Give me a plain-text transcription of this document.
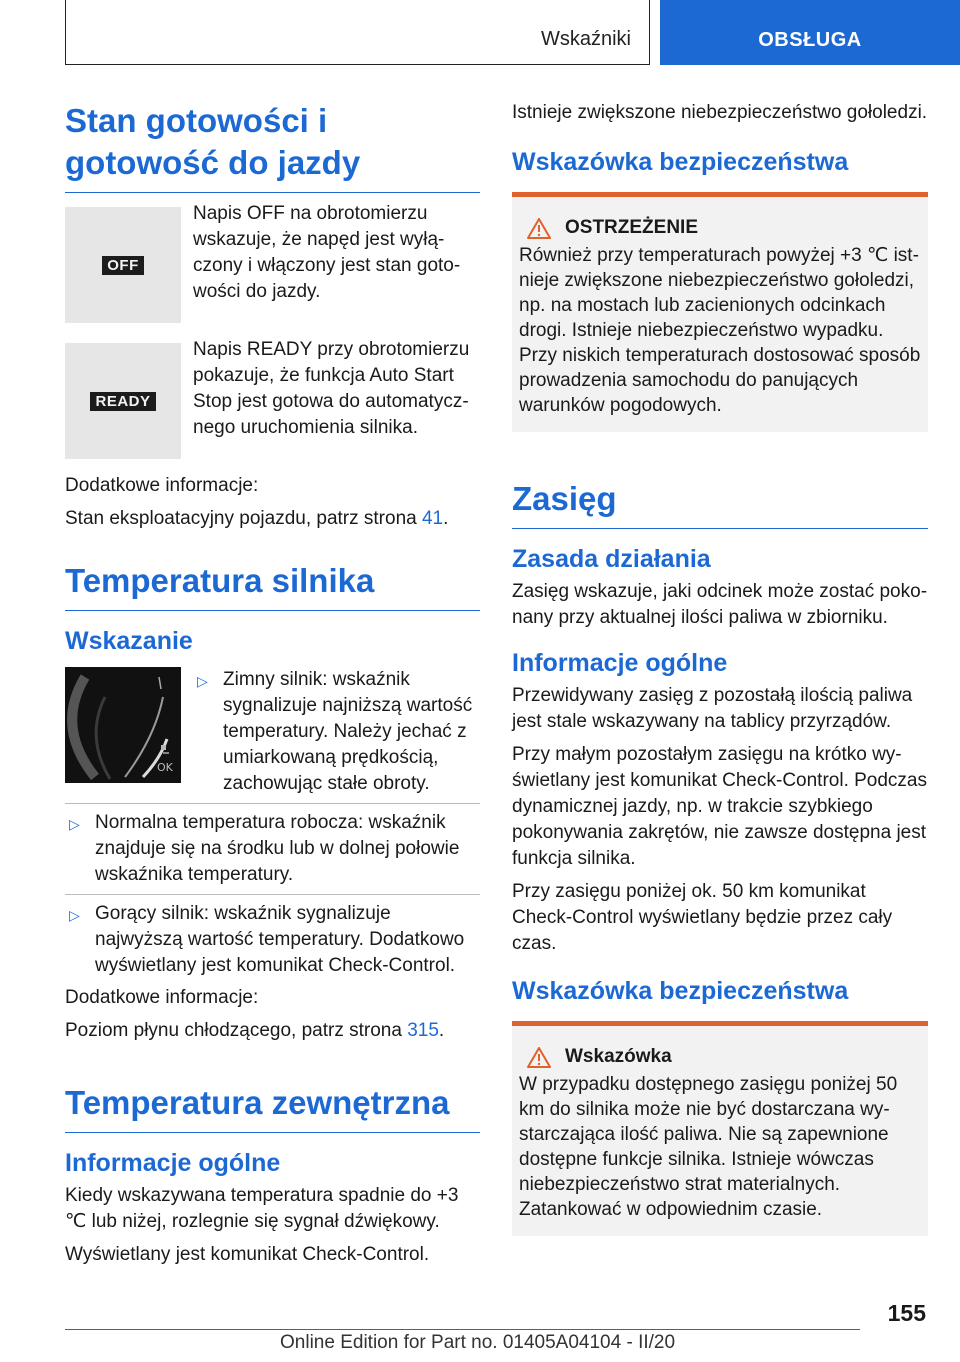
Wskaźniki	OBSŁUGA
Stan gotowości i gotowość do jazdy
OFF
Napis OFF na obrotomierzu wskazuje, że napęd jest wyłączony i włączony jest stan gotowości do jazdy.
READY
Napis READY przy obrotomierzu pokazuje, że funkcja Auto Start Stop jest gotowa do automatycznego uruchomienia silnika.

Dodatkowe informacje:

Stan eksploatacyjny pojazdu, patrz strona 41.

Temperatura silnika
Wskazanie
OK
▷ Zimny silnik: wskaźnik sygnalizuje najniższą wartość temperatury. Należy jechać z umiarkowaną prędkością, zachowując stałe obroty.
▷ Normalna temperatura robocza: wskaźnik znajduje się na środku lub w dolnej połowie wskaźnika temperatury.
▷ Gorący silnik: wskaźnik sygnalizuje najwyższą wartość temperatury. Dodatkowo wyświetlany jest komunikat Check-Control.

Dodatkowe informacje:

Poziom płynu chłodzącego, patrz strona 315.

Temperatura zewnętrzna
Informacje ogólne

Kiedy wskazywana temperatura spadnie do +3 ℃ lub niżej, rozlegnie się sygnał dźwiękowy.

Wyświetlany jest komunikat Check-Control.

Istnieje zwiększone niebezpieczeństwo gołoledzi.

Wskazówka bezpieczeństwa
OSTRZEŻENIE

Również przy temperaturach powyżej +3 ℃ istnieje zwiększone niebezpieczeństwo gołoledzi, np. na mostach lub zacienionych odcinkach drogi. Istnieje niebezpieczeństwo wypadku. Przy niskich temperaturach dostosować sposób prowadzenia samochodu do panujących warunków pogodowych.

Zasięg
Zasada działania

Zasięg wskazuje, jaki odcinek może zostać pokonany przy aktualnej ilości paliwa w zbiorniku.

Informacje ogólne

Przewidywany zasięg z pozostałą ilością paliwa jest stale wskazywany na tablicy przyrządów.

Przy małym pozostałym zasięgu na krótko wyświetlany jest komunikat Check-Control. Podczas dynamicznej jazdy, np. w trakcie szybkiego pokonywania zakrętów, nie zawsze dostępna jest funkcja silnika.

Przy zasięgu poniżej ok. 50 km komunikat Check-Control wyświetlany będzie przez cały czas.

Wskazówka bezpieczeństwa
Wskazówka

W przypadku dostępnego zasięgu poniżej 50 km do silnika może nie być dostarczana wystarczająca ilość paliwa. Nie są zapewnione dostępne funkcje silnika. Istnieje wówczas niebezpieczeństwo strat materialnych. Zatankować w odpowiednim czasie.

155
Online Edition for Part no. 01405A04104 - II/20
